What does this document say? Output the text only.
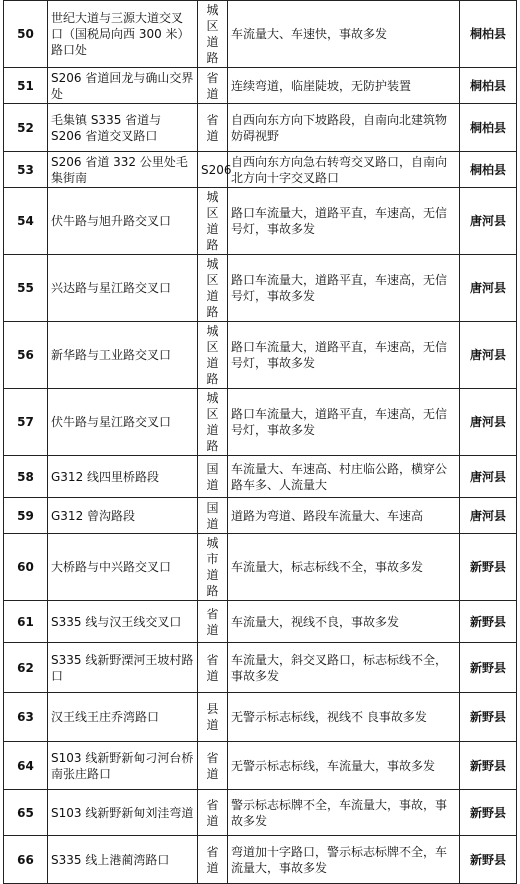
50	世纪大道与三源大道交叉口（国税局向西 300 米）路口处	城区道路	车流量大、车速快，事故多发	桐柏县
51	S206 省道回龙与确山交界处	省道	连续弯道，临崖陡坡，无防护装置	桐柏县
52	毛集镇 S335 省道与 S206 省道交叉路口	省道	自西向东方向下坡路段，自南向北建筑物妨碍视野	桐柏县
53	S206 省道 332 公里处毛集街南	S206	自西向东方向急右转弯交叉路口，自南向北方向十字交叉路口	桐柏县
54	伏牛路与旭升路交叉口	城区道路	路口车流量大，道路平直，车速高，无信号灯，事故多发	唐河县
55	兴达路与星江路交叉口	城区道路	路口车流量大，道路平直，车速高，无信号灯，事故多发	唐河县
56	新华路与工业路交叉口	城区道路	路口车流量大，道路平直，车速高，无信号灯，事故多发	唐河县
57	伏牛路与星江路交叉口	城区道路	路口车流量大，道路平直，车速高，无信号灯，事故多发	唐河县
58	G312 线四里桥路段	国道	车流量大、车速高、村庄临公路，横穿公路车多、人流量大	唐河县
59	G312 曾沟路段	国道	道路为弯道、路段车流量大、车速高	唐河县
60	大桥路与中兴路交叉口	城市道路	车流量大，标志标线不全，事故多发	新野县
61	S335 线与汉王线交叉口	省道	车流量大，视线不良，事故多发	新野县
62	S335 线新野溧河王坡村路口	省道	车流量大，斜交叉路口，标志标线不全，事故多发	新野县
63	汉王线王庄乔湾路口	县道	无警示标志标线，视线不 良事故多发	新野县
64	S103 线新野新甸刁河台桥南张庄路口	省道	无警示标志标线，车流量大，事故多发	新野县
65	S103 线新野新甸刘洼弯道	省道	警示标志标牌不全，车流量大，事故，事故多发	新野县
66	S335 线上港蔺湾路口	省道	弯道加十字路口，警示标志标牌不全，车流量大，事故多发	新野县
